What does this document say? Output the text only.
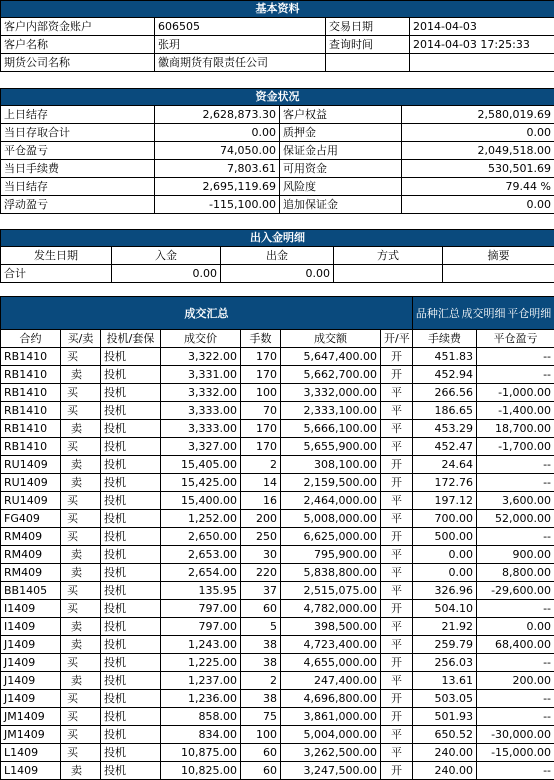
基本资料			
客户内部资金账户	606505	交易日期	2014-04-03
客户名称	张玥	查询时间	2014-04-03 17:25:33
期货公司名称	徽商期货有限责任公司		
资金状况			
上日结存	2,628,873.30	客户权益	2,580,019.69
当日存取合计	0.00	质押金	0.00
平仓盈亏	74,050.00	保证金占用	2,049,518.00
当日手续费	7,803.61	可用资金	530,501.69
当日结存	2,695,119.69	风险度	79.44 %
浮动盈亏	-115,100.00	追加保证金	0.00
出入金明细				
发生日期	入金	出金	方式	摘要
合计	0.00	0.00		
成交汇总							品种汇总 成交明细 平仓明细	

合约	买/卖	投机/套保	成交价	手数	成交额	开/平	手续费	平仓盈亏
RB1410	买	投机	3,322.00	170	5,647,400.00	开	451.83	--
RB1410	卖	投机	3,331.00	170	5,662,700.00	开	452.94	--
RB1410	买	投机	3,332.00	100	3,332,000.00	平	266.56	-1,000.00
RB1410	买	投机	3,333.00	70	2,333,100.00	平	186.65	-1,400.00
RB1410	卖	投机	3,333.00	170	5,666,100.00	平	453.29	18,700.00
RB1410	买	投机	3,327.00	170	5,655,900.00	平	452.47	-1,700.00
RU1409	卖	投机	15,405.00	2	308,100.00	开	24.64	--
RU1409	卖	投机	15,425.00	14	2,159,500.00	开	172.76	--
RU1409	买	投机	15,400.00	16	2,464,000.00	平	197.12	3,600.00
FG409	买	投机	1,252.00	200	5,008,000.00	平	700.00	52,000.00
RM409	买	投机	2,650.00	250	6,625,000.00	开	500.00	--
RM409	卖	投机	2,653.00	30	795,900.00	平	0.00	900.00
RM409	卖	投机	2,654.00	220	5,838,800.00	平	0.00	8,800.00
BB1405	买	投机	135.95	37	2,515,075.00	平	326.96	-29,600.00
I1409	买	投机	797.00	60	4,782,000.00	开	504.10	--
I1409	卖	投机	797.00	5	398,500.00	平	21.92	0.00
J1409	卖	投机	1,243.00	38	4,723,400.00	平	259.79	68,400.00
J1409	买	投机	1,225.00	38	4,655,000.00	开	256.03	--
J1409	卖	投机	1,237.00	2	247,400.00	平	13.61	200.00
J1409	买	投机	1,236.00	38	4,696,800.00	开	503.05	--
JM1409	买	投机	858.00	75	3,861,000.00	开	501.93	--
JM1409	买	投机	834.00	100	5,004,000.00	平	650.52	-30,000.00
L1409	买	投机	10,875.00	60	3,262,500.00	平	240.00	-15,000.00
L1409	卖	投机	10,825.00	60	3,247,500.00	开	240.00	--
